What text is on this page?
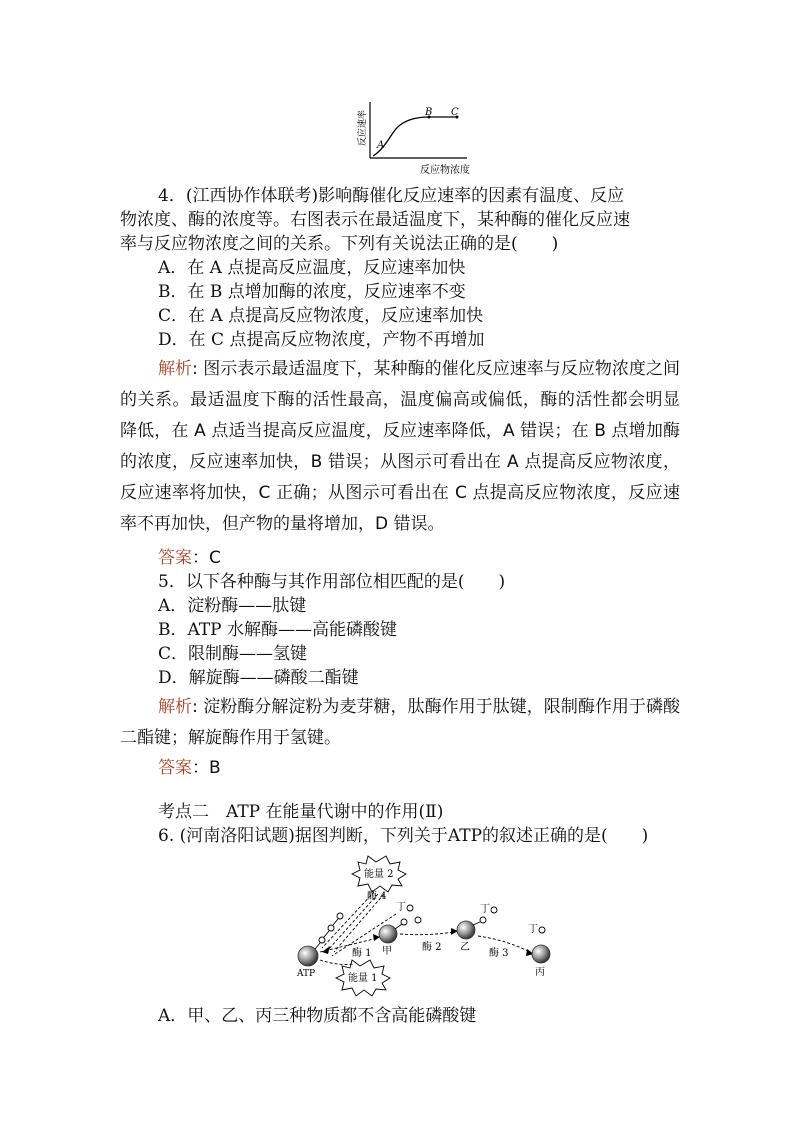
A
B C
反应速率
反应物浓度
4．(江西协作体联考)影响酶催化反应速率的因素有温度、反应
物浓度、酶的浓度等。右图表示在最适温度下，某种酶的催化反应速
率与反应物浓度之间的关系。下列有关说法正确的是(　　)
A．在 A 点提高反应温度，反应速率加快
B．在 B 点增加酶的浓度，反应速率不变
C．在 A 点提高反应物浓度，反应速率加快
D．在 C 点提高反应物浓度，产物不再增加
解析: 图示表示最适温度下，某种酶的催化反应速率与反应物浓度之间的关系。最适温度下酶的活性最高，温度偏高或偏低，酶的活性都会明显降低，在 A 点适当提高反应温度，反应速率降低，A 错误；在 B 点增加酶的浓度，反应速率加快，B 错误；从图示可看出在 A 点提高反应物浓度，反应速率将加快，C 正确；从图示可看出在 C 点提高反应物浓度，反应速率不再加快，但产物的量将增加，D 错误。
答案：C
5．以下各种酶与其作用部位相匹配的是(　　)
A．淀粉酶——肽键
B．ATP 水解酶——高能磷酸键
C．限制酶——氢键
D．解旋酶——磷酸二酯键
解析: 淀粉酶分解淀粉为麦芽糖，肽酶作用于肽键，限制酶作用于磷酸二酯键；解旋酶作用于氢键。
答案：B
考点二　ATP 在能量代谢中的作用(Ⅱ)
6. (河南洛阳试题)据图判断，下列关于ATP的叙述正确的是(　　)
能量 2
酶 4
能量 1
ATP
酶 1
丁
甲	酶 2 乙
丁
酶 3
丙
丁
A．甲、乙、丙三种物质都不含高能磷酸键
